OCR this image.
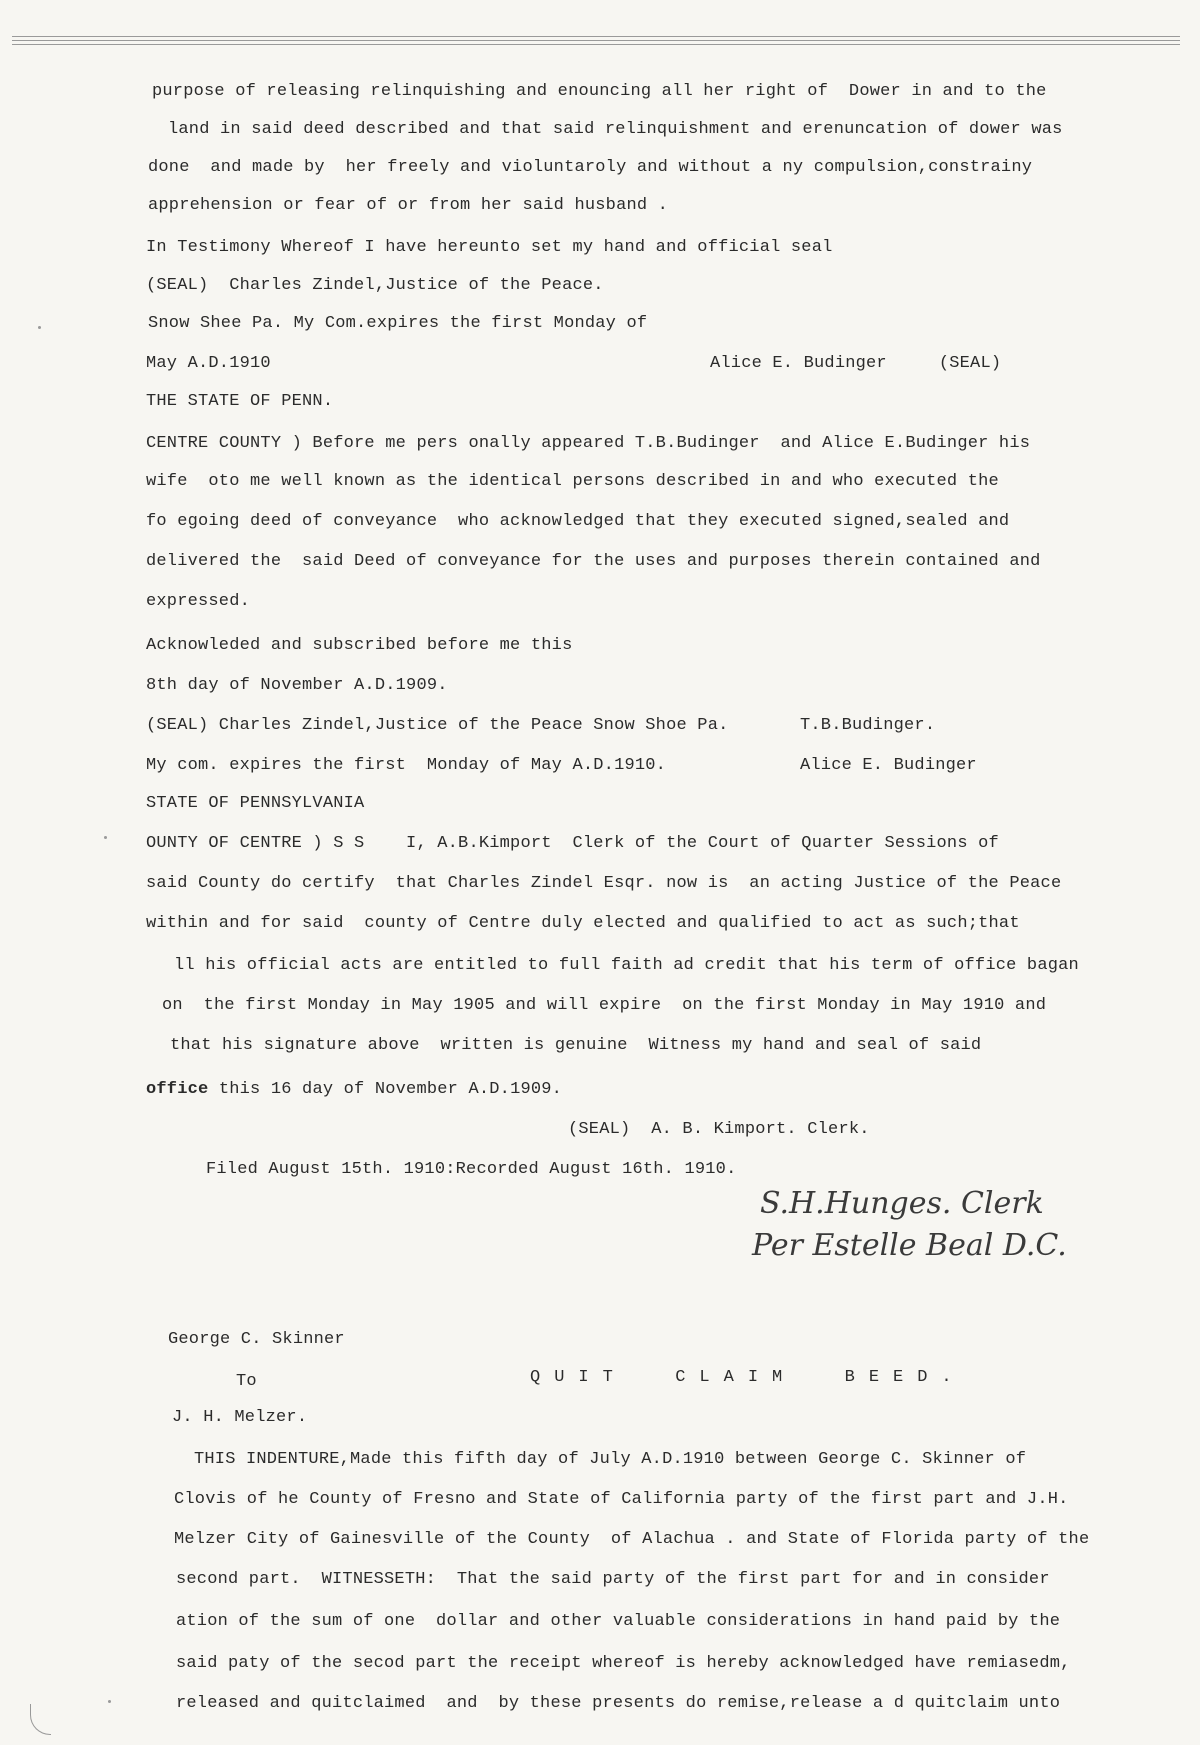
purpose of releasing relinquishing and enouncing all her right of  Dower in and to the
land in said deed described and that said relinquishment and erenuncation of dower was
done  and made by  her freely and violuntaroly and without a ny compulsion,constrainy
apprehension or fear of or from her said husband .
In Testimony Whereof I have hereunto set my hand and official seal
(SEAL)  Charles Zindel,Justice of the Peace.
Snow Shee Pa. My Com.expires the first Monday of
May A.D.1910	Alice E. Budinger     (SEAL)
THE STATE OF PENN.
CENTRE COUNTY ) Before me pers onally appeared T.B.Budinger  and Alice E.Budinger his
wife  oto me well known as the identical persons described in and who executed the
fo egoing deed of conveyance  who acknowledged that they executed signed,sealed and
delivered the  said Deed of conveyance for the uses and purposes therein contained and
expressed.
Acknowleded and subscribed before me this
8th day of November A.D.1909.
(SEAL) Charles Zindel,Justice of the Peace Snow Shoe Pa.	T.B.Budinger.
My com. expires the first  Monday of May A.D.1910.	Alice E. Budinger
STATE OF PENNSYLVANIA
OUNTY OF CENTRE ) S S    I, A.B.Kimport  Clerk of the Court of Quarter Sessions of
said County do certify  that Charles Zindel Esqr. now is  an acting Justice of the Peace
within and for said  county of Centre duly elected and qualified to act as such;that
ll his official acts are entitled to full faith ad credit that his term of office bagan
on  the first Monday in May 1905 and will expire  on the first Monday in May 1910 and
that his signature above  written is genuine  Witness my hand and seal of said
office this 16 day of November A.D.1909.
(SEAL)  A. B. Kimport. Clerk.
Filed August 15th. 1910:Recorded August 16th. 1910.
S.H.Hunges. Clerk
Per Estelle Beal D.C.
George C. Skinner
To	QUIT  CLAIM  BEED.
J. H. Melzer.
THIS INDENTURE,Made this fifth day of July A.D.1910 between George C. Skinner of
Clovis of he County of Fresno and State of California party of the first part and J.H.
Melzer City of Gainesville of the County  of Alachua . and State of Florida party of the
second part.  WITNESSETH:  That the said party of the first part for and in consider
ation of the sum of one  dollar and other valuable considerations in hand paid by the
said paty of the secod part the receipt whereof is hereby acknowledged have remiasedm,
released and quitclaimed  and  by these presents do remise,release a d quitclaim unto
